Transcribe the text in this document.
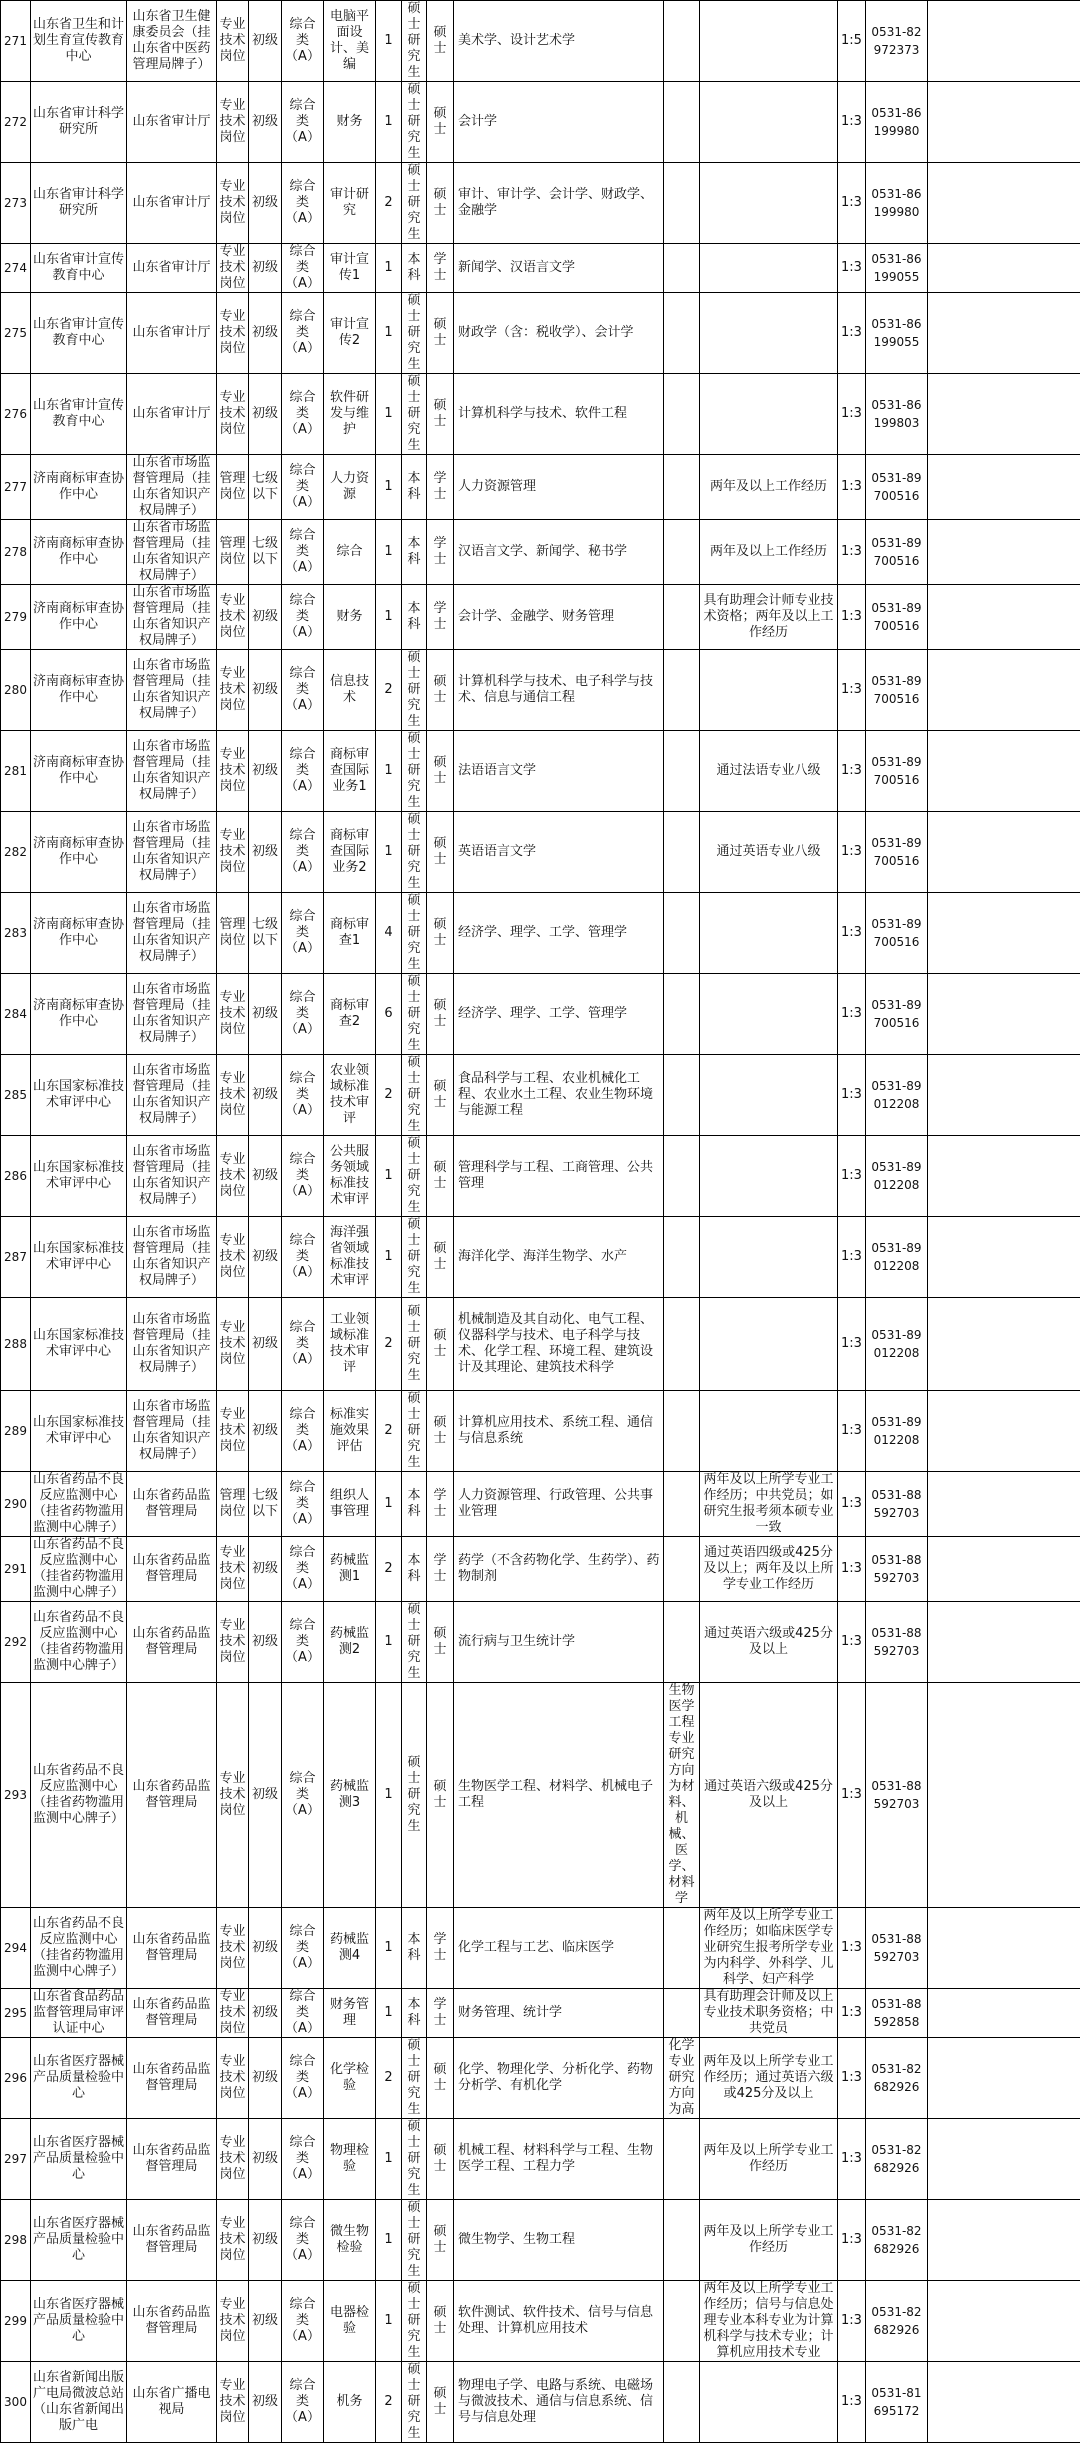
271	山东省卫生和计划生育宣传教育中心	山东省卫生健康委员会（挂山东省中医药管理局牌子）	专业技术岗位	初级	综合类（A）	电脑平面设计、美编	1	硕士研究生	硕士	美术学、设计艺术学			1:5	0531-82972373	
272	山东省审计科学研究所	山东省审计厅	专业技术岗位	初级	综合类（A）	财务	1	硕士研究生	硕士	会计学			1:3	0531-86199980	
273	山东省审计科学研究所	山东省审计厅	专业技术岗位	初级	综合类（A）	审计研究	2	硕士研究生	硕士	审计、审计学、会计学、财政学、金融学			1:3	0531-86199980	
274	山东省审计宣传教育中心	山东省审计厅	专业技术岗位	初级	综合类（A）	审计宣传1	1	本科	学士	新闻学、汉语言文学			1:3	0531-86199055	
275	山东省审计宣传教育中心	山东省审计厅	专业技术岗位	初级	综合类（A）	审计宣传2	1	硕士研究生	硕士	财政学（含：税收学）、会计学			1:3	0531-86199055	
276	山东省审计宣传教育中心	山东省审计厅	专业技术岗位	初级	综合类（A）	软件研发与维护	1	硕士研究生	硕士	计算机科学与技术、软件工程			1:3	0531-86199803	
277	济南商标审查协作中心	山东省市场监督管理局（挂山东省知识产权局牌子）	管理岗位	七级以下	综合类（A）	人力资源	1	本科	学士	人力资源管理		两年及以上工作经历	1:3	0531-89700516	
278	济南商标审查协作中心	山东省市场监督管理局（挂山东省知识产权局牌子）	管理岗位	七级以下	综合类（A）	综合	1	本科	学士	汉语言文学、新闻学、秘书学		两年及以上工作经历	1:3	0531-89700516	
279	济南商标审查协作中心	山东省市场监督管理局（挂山东省知识产权局牌子）	专业技术岗位	初级	综合类（A）	财务	1	本科	学士	会计学、金融学、财务管理		具有助理会计师专业技术资格；两年及以上工作经历	1:3	0531-89700516	
280	济南商标审查协作中心	山东省市场监督管理局（挂山东省知识产权局牌子）	专业技术岗位	初级	综合类（A）	信息技术	2	硕士研究生	硕士	计算机科学与技术、电子科学与技术、信息与通信工程			1:3	0531-89700516	
281	济南商标审查协作中心	山东省市场监督管理局（挂山东省知识产权局牌子）	专业技术岗位	初级	综合类（A）	商标审查国际业务1	1	硕士研究生	硕士	法语语言文学		通过法语专业八级	1:3	0531-89700516	
282	济南商标审查协作中心	山东省市场监督管理局（挂山东省知识产权局牌子）	专业技术岗位	初级	综合类（A）	商标审查国际业务2	1	硕士研究生	硕士	英语语言文学		通过英语专业八级	1:3	0531-89700516	
283	济南商标审查协作中心	山东省市场监督管理局（挂山东省知识产权局牌子）	管理岗位	七级以下	综合类（A）	商标审查1	4	硕士研究生	硕士	经济学、理学、工学、管理学			1:3	0531-89700516	
284	济南商标审查协作中心	山东省市场监督管理局（挂山东省知识产权局牌子）	专业技术岗位	初级	综合类（A）	商标审查2	6	硕士研究生	硕士	经济学、理学、工学、管理学			1:3	0531-89700516	
285	山东国家标准技术审评中心	山东省市场监督管理局（挂山东省知识产权局牌子）	专业技术岗位	初级	综合类（A）	农业领域标准技术审评	2	硕士研究生	硕士	食品科学与工程、农业机械化工程、农业水土工程、农业生物环境与能源工程			1:3	0531-89012208	
286	山东国家标准技术审评中心	山东省市场监督管理局（挂山东省知识产权局牌子）	专业技术岗位	初级	综合类（A）	公共服务领域标准技术审评	1	硕士研究生	硕士	管理科学与工程、工商管理、公共管理			1:3	0531-89012208	
287	山东国家标准技术审评中心	山东省市场监督管理局（挂山东省知识产权局牌子）	专业技术岗位	初级	综合类（A）	海洋强省领域标准技术审评	1	硕士研究生	硕士	海洋化学、海洋生物学、水产			1:3	0531-89012208	
288	山东国家标准技术审评中心	山东省市场监督管理局（挂山东省知识产权局牌子）	专业技术岗位	初级	综合类（A）	工业领域标准技术审评	2	硕士研究生	硕士	机械制造及其自动化、电气工程、仪器科学与技术、电子科学与技术、化学工程、环境工程、建筑设计及其理论、建筑技术科学			1:3	0531-89012208	
289	山东国家标准技术审评中心	山东省市场监督管理局（挂山东省知识产权局牌子）	专业技术岗位	初级	综合类（A）	标准实施效果评估	2	硕士研究生	硕士	计算机应用技术、系统工程、通信与信息系统			1:3	0531-89012208	
290	山东省药品不良反应监测中心（挂省药物滥用监测中心牌子）	山东省药品监督管理局	管理岗位	七级以下	综合类（A）	组织人事管理	1	本科	学士	人力资源管理、行政管理、公共事业管理		两年及以上所学专业工作经历；中共党员；如研究生报考须本硕专业一致	1:3	0531-88592703	
291	山东省药品不良反应监测中心（挂省药物滥用监测中心牌子）	山东省药品监督管理局	专业技术岗位	初级	综合类（A）	药械监测1	2	本科	学士	药学（不含药物化学、生药学）、药物制剂		通过英语四级或425分及以上；两年及以上所学专业工作经历	1:3	0531-88592703	
292	山东省药品不良反应监测中心（挂省药物滥用监测中心牌子）	山东省药品监督管理局	专业技术岗位	初级	综合类（A）	药械监测2	1	硕士研究生	硕士	流行病与卫生统计学		通过英语六级或425分及以上	1:3	0531-88592703	
293	山东省药品不良反应监测中心（挂省药物滥用监测中心牌子）	山东省药品监督管理局	专业技术岗位	初级	综合类（A）	药械监测3	1	硕士研究生	硕士	生物医学工程、材料学、机械电子工程	生物医学工程专业研究方向为材料、机械、医学、材料学	通过英语六级或425分及以上	1:3	0531-88592703	
294	山东省药品不良反应监测中心（挂省药物滥用监测中心牌子）	山东省药品监督管理局	专业技术岗位	初级	综合类（A）	药械监测4	1	本科	学士	化学工程与工艺、临床医学		两年及以上所学专业工作经历；如临床医学专业研究生报考所学专业为内科学、外科学、儿科学、妇产科学	1:3	0531-88592703	
295	山东省食品药品监督管理局审评认证中心	山东省药品监督管理局	专业技术岗位	初级	综合类（A）	财务管理	1	本科	学士	财务管理、统计学		具有助理会计师及以上专业技术职务资格；中共党员	1:3	0531-88592858	
296	山东省医疗器械产品质量检验中心	山东省药品监督管理局	专业技术岗位	初级	综合类（A）	化学检验	2	硕士研究生	硕士	化学、物理化学、分析化学、药物分析学、有机化学	化学专业研究方向为高	两年及以上所学专业工作经历；通过英语六级或425分及以上	1:3	0531-82682926	
297	山东省医疗器械产品质量检验中心	山东省药品监督管理局	专业技术岗位	初级	综合类（A）	物理检验	1	硕士研究生	硕士	机械工程、材料科学与工程、生物医学工程、工程力学		两年及以上所学专业工作经历	1:3	0531-82682926	
298	山东省医疗器械产品质量检验中心	山东省药品监督管理局	专业技术岗位	初级	综合类（A）	微生物检验	1	硕士研究生	硕士	微生物学、生物工程		两年及以上所学专业工作经历	1:3	0531-82682926	
299	山东省医疗器械产品质量检验中心	山东省药品监督管理局	专业技术岗位	初级	综合类（A）	电器检验	1	硕士研究生	硕士	软件测试、软件技术、信号与信息处理、计算机应用技术		两年及以上所学专业工作经历；信号与信息处理专业本科专业为计算机科学与技术专业；计算机应用技术专业	1:3	0531-82682926	
300	山东省新闻出版广电局微波总站（山东省新闻出版广电	山东省广播电视局	专业技术岗位	初级	综合类（A）	机务	2	硕士研究生	硕士	物理电子学、电路与系统、电磁场与微波技术、通信与信息系统、信号与信息处理			1:3	0531-81695172	
